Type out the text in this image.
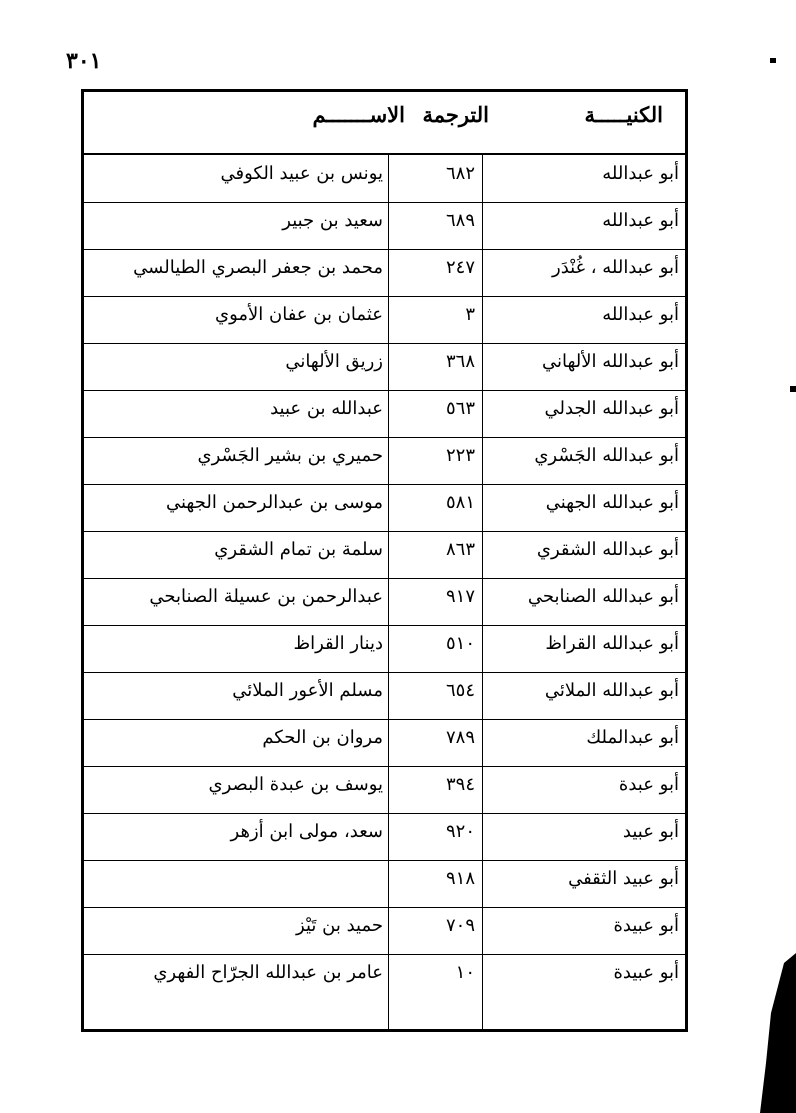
٣٠١
الكنيـــــة
الترجمة
الاســـــــم
أبو عبدالله
٦٨٢
يونس بن عبيد الكوفي
أبو عبدالله
٦٨٩
سعيد بن جبير
أبو عبدالله ، غُنْدَر
٢٤٧
محمد بن جعفر البصري الطيالسي
أبو عبدالله
٣
عثمان بن عفان الأموي
أبو عبدالله الألهاني
٣٦٨
زريق الألهاني
أبو عبدالله الجدلي
٥٦٣
عبدالله بن عبيد
أبو عبدالله الجَسْري
٢٢٣
حميري بن بشير الجَسْري
أبو عبدالله الجهني
٥٨١
موسى بن عبدالرحمن الجهني
أبو عبدالله الشقري
٨٦٣
سلمة بن تمام الشقري
أبو عبدالله الصنابحي
٩١٧
عبدالرحمن بن عسيلة الصنابحي
أبو عبدالله القراظ
٥١٠
دينار القراظ
أبو عبدالله الملائي
٦٥٤
مسلم الأعور الملائي
أبو عبدالملك
٧٨٩
مروان بن الحكم
أبو عبدة
٣٩٤
يوسف بن عبدة البصري
أبو عبيد
٩٢٠
سعد، مولى ابن أزهر
أبو عبيد الثقفي
٩١٨
أبو عبيدة
٧٠٩
حميد بن تَيْز
أبو عبيدة
١٠
عامر بن عبدالله الجرّاح الفهري
